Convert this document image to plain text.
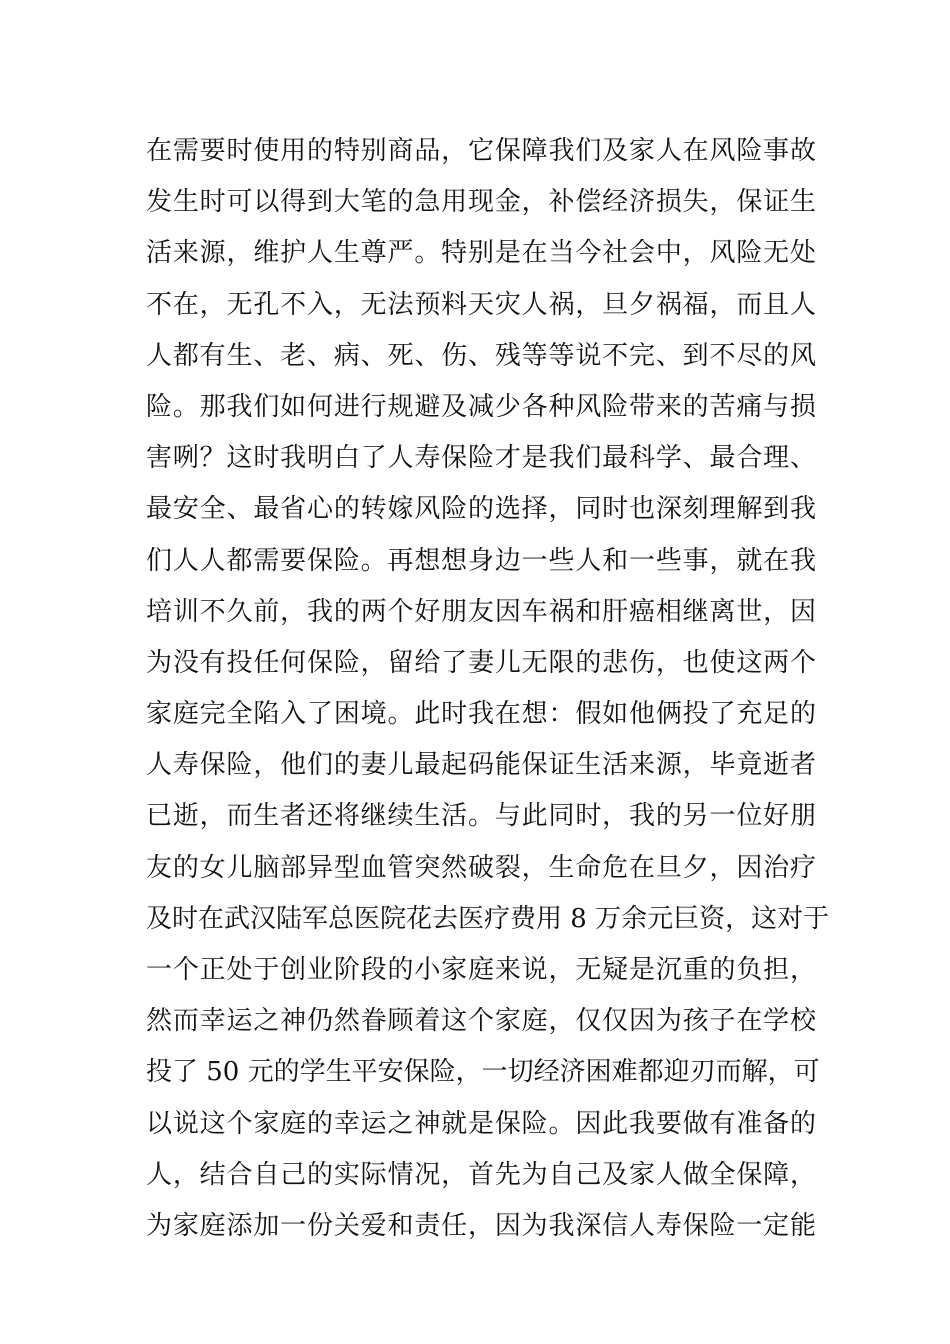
在需要时使用的特别商品，它保障我们及家人在风险事故
发生时可以得到大笔的急用现金，补偿经济损失，保证生
活来源，维护人生尊严。特别是在当今社会中，风险无处
不在，无孔不入，无法预料天灾人祸，旦夕祸福，而且人
人都有生、老、病、死、伤、残等等说不完、到不尽的风
险。那我们如何进行规避及减少各种风险带来的苦痛与损
害咧？这时我明白了人寿保险才是我们最科学、最合理、
最安全、最省心的转嫁风险的选择，同时也深刻理解到我
们人人都需要保险。再想想身边一些人和一些事，就在我
培训不久前，我的两个好朋友因车祸和肝癌相继离世，因
为没有投任何保险，留给了妻儿无限的悲伤，也使这两个
家庭完全陷入了困境。此时我在想：假如他俩投了充足的
人寿保险，他们的妻儿最起码能保证生活来源，毕竟逝者
已逝，而生者还将继续生活。与此同时，我的另一位好朋
友的女儿脑部异型血管突然破裂，生命危在旦夕，因治疗
及时在武汉陆军总医院花去医疗费用 8 万余元巨资，这对于
一个正处于创业阶段的小家庭来说，无疑是沉重的负担，
然而幸运之神仍然眷顾着这个家庭，仅仅因为孩子在学校
投了 50 元的学生平安保险，一切经济困难都迎刃而解，可
以说这个家庭的幸运之神就是保险。因此我要做有准备的
人，结合自己的实际情况，首先为自己及家人做全保障，
为家庭添加一份关爱和责任，因为我深信人寿保险一定能
